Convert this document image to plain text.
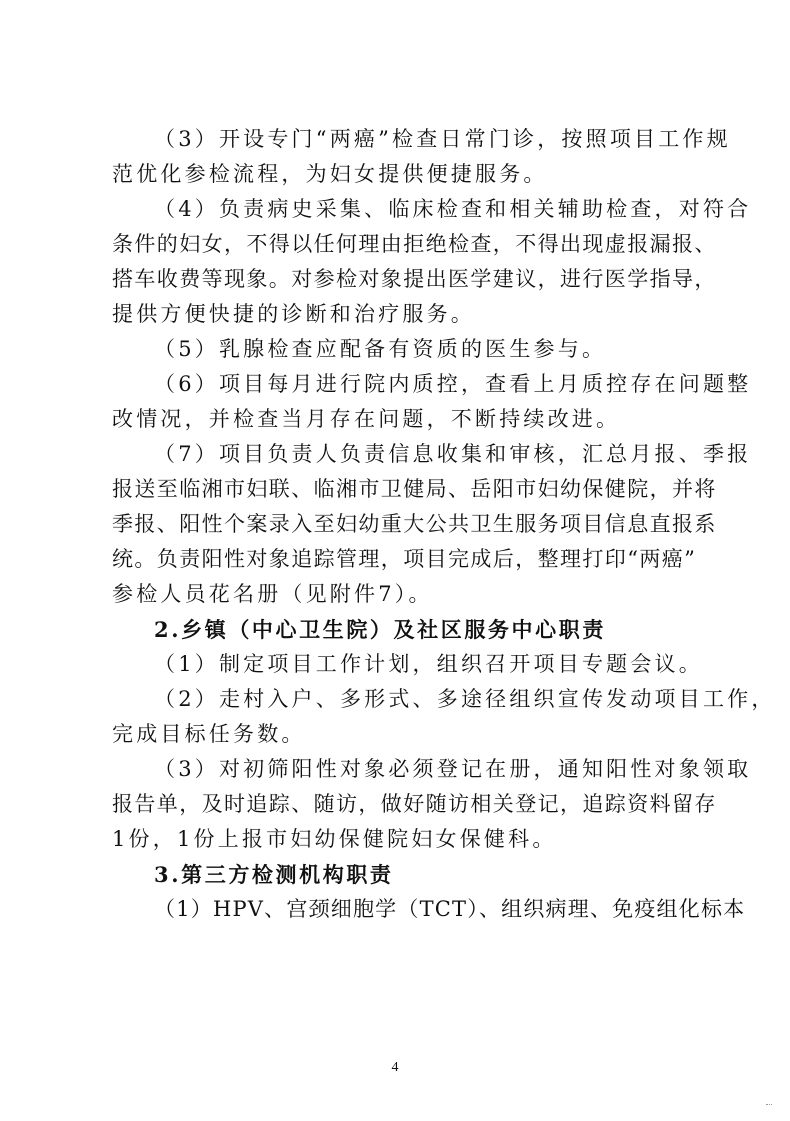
（3）开设专门“两癌”检查日常门诊，按照项目工作规
范优化参检流程，为妇女提供便捷服务。
（4）负责病史采集、临床检查和相关辅助检查，对符合
条件的妇女，不得以任何理由拒绝检查，不得出现虚报漏报、
搭车收费等现象。对参检对象提出医学建议，进行医学指导，
提供方便快捷的诊断和治疗服务。
（5）乳腺检查应配备有资质的医生参与。
（6）项目每月进行院内质控，查看上月质控存在问题整
改情况，并检查当月存在问题，不断持续改进。
（7）项目负责人负责信息收集和审核，汇总月报、季报
报送至临湘市妇联、临湘市卫健局、岳阳市妇幼保健院，并将
季报、阳性个案录入至妇幼重大公共卫生服务项目信息直报系
统。负责阳性对象追踪管理，项目完成后，整理打印“两癌”
参检人员花名册（见附件7）。
2.乡镇（中心卫生院）及社区服务中心职责
（1）制定项目工作计划，组织召开项目专题会议。
（2）走村入户、多形式、多途径组织宣传发动项目工作，
完成目标任务数。
（3）对初筛阳性对象必须登记在册，通知阳性对象领取
报告单，及时追踪、随访，做好随访相关登记，追踪资料留存
1份，1份上报市妇幼保健院妇女保健科。
3.第三方检测机构职责
（1）HPV、宫颈细胞学（TCT）、组织病理、免疫组化标本
4
